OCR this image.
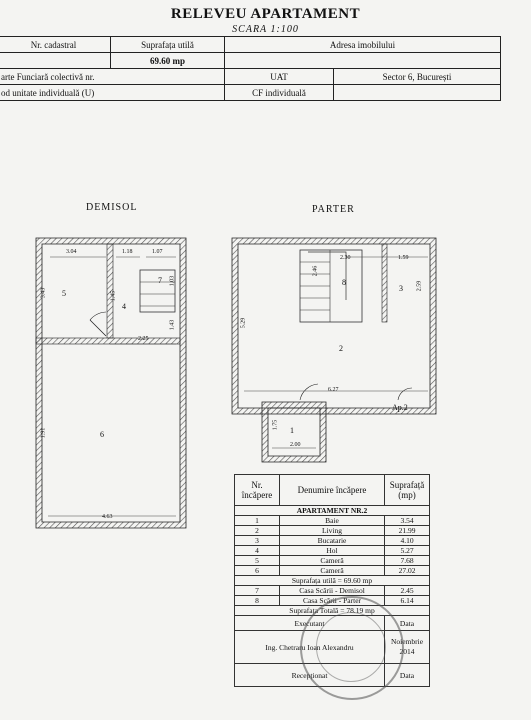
RELEVEU APARTAMENT
SCARA 1:100
Nr. cadastral	Suprafața utilă	Adresa imobilului	
	69.60 mp		
arte Funciară colectivă nr.		UAT	Sector 6, București
od unitate individuală (U)		CF individuală	
DEMISOL	PARTER
3.04	1.18	1.07
3.43	1.45
2.25
1.03
1.43
1.91
4.63
5
4
7
6
2.30	1.59
2.46
2.59
5.29
6.27
1.75
2.00
8
3
2
1
Ap.2
Nr. încăpere	Denumire încăpere	Suprafață (mp)
APARTAMENT NR.2		
1	Baie	3.54
2	Living	21.99
3	Bucatarie	4.10
4	Hol	5.27
5	Cameră	7.68
6	Cameră	27.02
Suprafața utilă = 69.60 mp		
7	Casa Scării - Demisol	2.45
8	Casa Scării - Parter	6.14
Suprafața Totală = 78.19 mp		
Executant		Data
Ing. Chetraru Ioan Alexandru		Noiembrie 2014
Recepționat		Data
